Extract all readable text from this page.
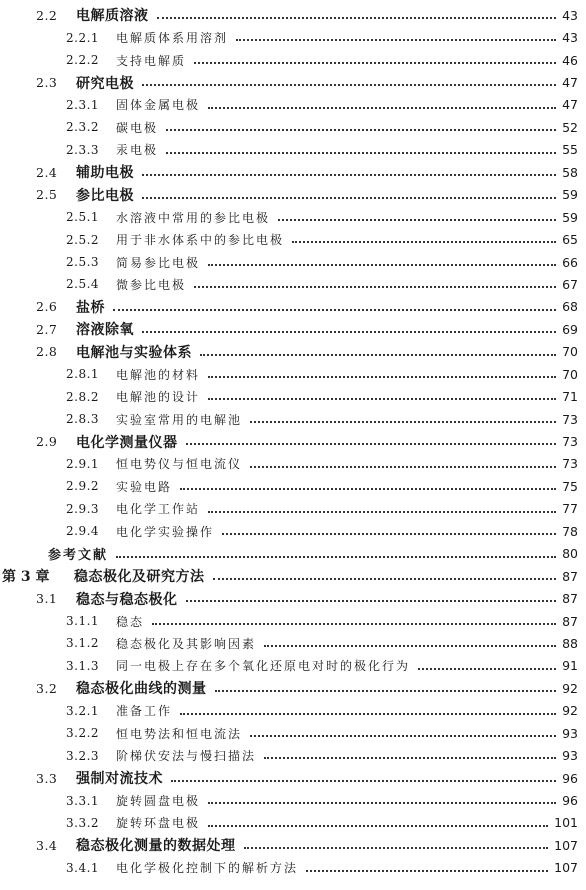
2.2 电解质溶液	43
2.2.1 电解质体系用溶剂	43
2.2.2 支持电解质	46
2.3 研究电极	47
2.3.1 固体金属电极	47
2.3.2 碳电极	52
2.3.3 汞电极	55
2.4 辅助电极	58
2.5 参比电极	59
2.5.1 水溶液中常用的参比电极	59
2.5.2 用于非水体系中的参比电极	65
2.5.3 简易参比电极	66
2.5.4 微参比电极	67
2.6 盐桥	68
2.7 溶液除氧	69
2.8 电解池与实验体系	70
2.8.1 电解池的材料	70
2.8.2 电解池的设计	71
2.8.3 实验室常用的电解池	73
2.9 电化学测量仪器	73
2.9.1 恒电势仪与恒电流仪	73
2.9.2 实验电路	75
2.9.3 电化学工作站	77
2.9.4 电化学实验操作	78
参考文献	80
第 3 章 稳态极化及研究方法	87
3.1 稳态与稳态极化	87
3.1.1 稳态	87
3.1.2 稳态极化及其影响因素	88
3.1.3 同一电极上存在多个氧化还原电对时的极化行为	91
3.2 稳态极化曲线的测量	92
3.2.1 准备工作	92
3.2.2 恒电势法和恒电流法	93
3.2.3 阶梯伏安法与慢扫描法	93
3.3 强制对流技术	96
3.3.1 旋转圆盘电极	96
3.3.2 旋转环盘电极	101
3.4 稳态极化测量的数据处理	107
3.4.1 电化学极化控制下的解析方法	107
